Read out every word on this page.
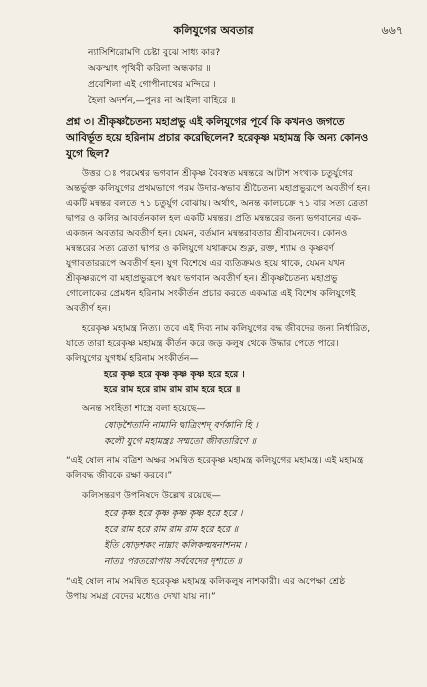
কলিযুগের অবতার	৬৬৭
ন্যাসিশিরোমণি চেষ্টা বুঝে সাধ্য কার?
অকস্মাৎ পৃথিবী করিলা অন্ধকার ॥
প্রবেশিলা এই গোপীনাথের মন্দিরে ।
হৈলা অদর্শন,—পুনঃ না আইলা বাহিরে ॥
প্রশ্ন ৩। শ্রীকৃষ্ণচৈতন্য মহাপ্রভু এই কলিযুগের পূর্বে কি কখনও জগতে
আবির্ভূত হয়ে হরিনাম প্রচার করেছিলেন? হরেকৃষ্ণ মহামন্ত্র কি অন্য কোনও
যুগে ছিল?
উত্তর ঃ পরমেশ্বর ভগবান শ্রীকৃষ্ণ বৈবস্বত মন্বন্তরে আটাশ সংখ্যক চতুর্যুগের
অন্তর্ভুক্ত কলিযুগের প্রথমভাগে পরম উদার-স্বভাব শ্রীচৈতন্য মহাপ্রভুরূপে অবতীর্ণ হন।
একটি মন্বন্তর বলতে ৭১ চতুর্যুগ বোঝায়। অর্থাৎ, অনন্ত কালচক্রে ৭১ বার সত্য ত্রেতা
দ্বাপর ও কলির আবর্তনকাল হল একটি মন্বন্তর। প্রতি মন্বন্তরের জন্য ভগবানের এক-
একজন অবতার অবতীর্ণ হন। যেমন, বর্তমান মন্বন্তরাবতার শ্রীবামনদেব। কোনও
মন্বন্তরের সত্য ত্রেতা দ্বাপর ও কলিযুগে যথাক্রমে শুক্ল, রক্ত, শ্যাম ও কৃষ্ণবর্ণ
যুগাবতাররূপে অবতীর্ণ হন। যুগ বিশেষে এর ব্যতিক্রমও হয়ে থাকে, যেমন যখন
শ্রীকৃষ্ণরূপে বা মহাপ্রভুরূপে স্বয়ং ভগবান অবতীর্ণ হন। শ্রীকৃষ্ণচৈতন্য মহাপ্রভু
গোলোকের প্রেমধন হরিনাম সংকীর্তন প্রচার করতে একমাত্র এই বিশেষ কলিযুগেই
অবতীর্ণ হন।
হরেকৃষ্ণ মহামন্ত্র নিত্য। তবে এই দিব্য নাম কলিযুগের বদ্ধ জীবদের জন্য নির্ধারিত,
যাতে তারা হরেকৃষ্ণ মহামন্ত্র কীর্তন করে জড় কলুষ থেকে উদ্ধার পেতে পারে।
কলিযুগের যুগধর্ম হরিনাম সংকীর্তন—
হরে কৃষ্ণ হরে কৃষ্ণ কৃষ্ণ কৃষ্ণ হরে হরে ।
হরে রাম হরে রাম রাম রাম হরে হরে ॥
অনন্ত সংহিতা শাস্ত্রে বলা হয়েছে—
ষোড়শৈতানি নামানি দ্বাত্রিংশদ্ বর্ণকানি হি ।
কলৌ যুগে মহামন্ত্রঃ সম্মতো জীবতারিণে ॥
“এই ষোল নাম বত্রিশ অক্ষর সমন্বিত হরেকৃষ্ণ মহামন্ত্র কলিযুগের মহামন্ত্র। এই মহামন্ত্র
কলিবদ্ধ জীবকে রক্ষা করবে।”
কলিসন্তরণ উপনিষদে উল্লেখ রয়েছে—
হরে কৃষ্ণ হরে কৃষ্ণ কৃষ্ণ কৃষ্ণ হরে হরে ।
হরে রাম হরে রাম রাম রাম হরে হরে ॥
ইতি ষোড়শকং নাম্নাং কলিকল্মষনাশনম ।
নাতঃ পরতরোপায় সর্ববেদের দৃশ্যতে ॥
“এই ষোল নাম সমন্বিত হরেকৃষ্ণ মহামন্ত্র কলিকলুষ নাশকারী। এর অপেক্ষা শ্রেষ্ঠ
উপায় সমগ্র বেদের মধ্যেও দেখা যায় না।”
